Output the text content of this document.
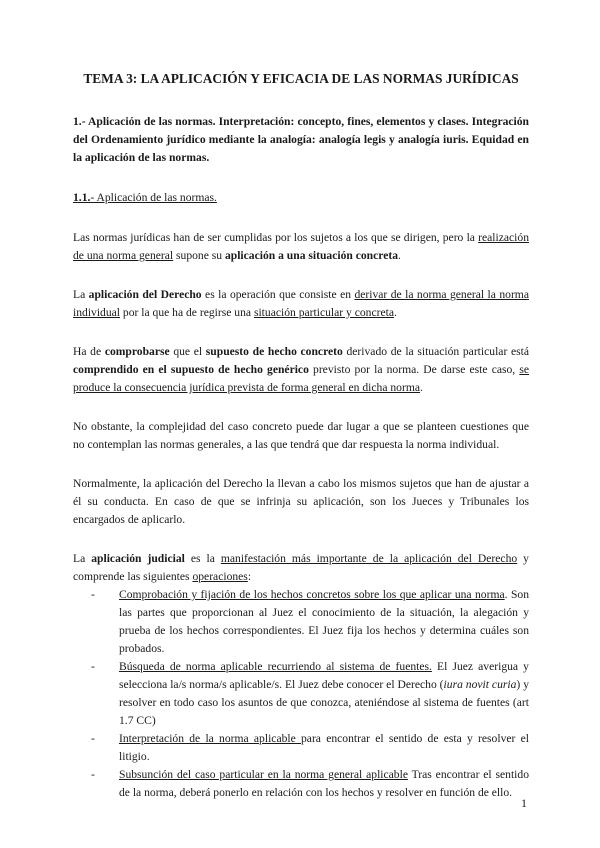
TEMA 3: LA APLICACIÓN Y EFICACIA DE LAS NORMAS JURÍDICAS
1.- Aplicación de las normas. Interpretación: concepto, fines, elementos y clases. Integración del Ordenamiento jurídico mediante la analogía: analogía legis y analogía iuris. Equidad en la aplicación de las normas.
1.1.- Aplicación de las normas.

Las normas jurídicas han de ser cumplidas por los sujetos a los que se dirigen, pero la realización de una norma general supone su aplicación a una situación concreta.

La aplicación del Derecho es la operación que consiste en derivar de la norma general la norma individual por la que ha de regirse una situación particular y concreta.

Ha de comprobarse que el supuesto de hecho concreto derivado de la situación particular está comprendido en el supuesto de hecho genérico previsto por la norma. De darse este caso, se produce la consecuencia jurídica prevista de forma general en dicha norma.

No obstante, la complejidad del caso concreto puede dar lugar a que se planteen cuestiones que no contemplan las normas generales, a las que tendrá que dar respuesta la norma individual.

Normalmente, la aplicación del Derecho la llevan a cabo los mismos sujetos que han de ajustar a él su conducta. En caso de que se infrinja su aplicación, son los Jueces y Tribunales los encargados de aplicarlo.

La aplicación judicial es la manifestación más importante de la aplicación del Derecho y comprende las siguientes operaciones:

- Comprobación y fijación de los hechos concretos sobre los que aplicar una norma. Son las partes que proporcionan al Juez el conocimiento de la situación, la alegación y prueba de los hechos correspondientes. El Juez fija los hechos y determina cuáles son probados.
- Búsqueda de norma aplicable recurriendo al sistema de fuentes. El Juez averigua y selecciona la/s norma/s aplicable/s. El Juez debe conocer el Derecho (iura novit curia) y resolver en todo caso los asuntos de que conozca, ateniéndose al sistema de fuentes (art 1.7 CC)
- Interpretación de la norma aplicable para encontrar el sentido de esta y resolver el litigio.
- Subsunción del caso particular en la norma general aplicable Tras encontrar el sentido de la norma, deberá ponerlo en relación con los hechos y resolver en función de ello.
1
